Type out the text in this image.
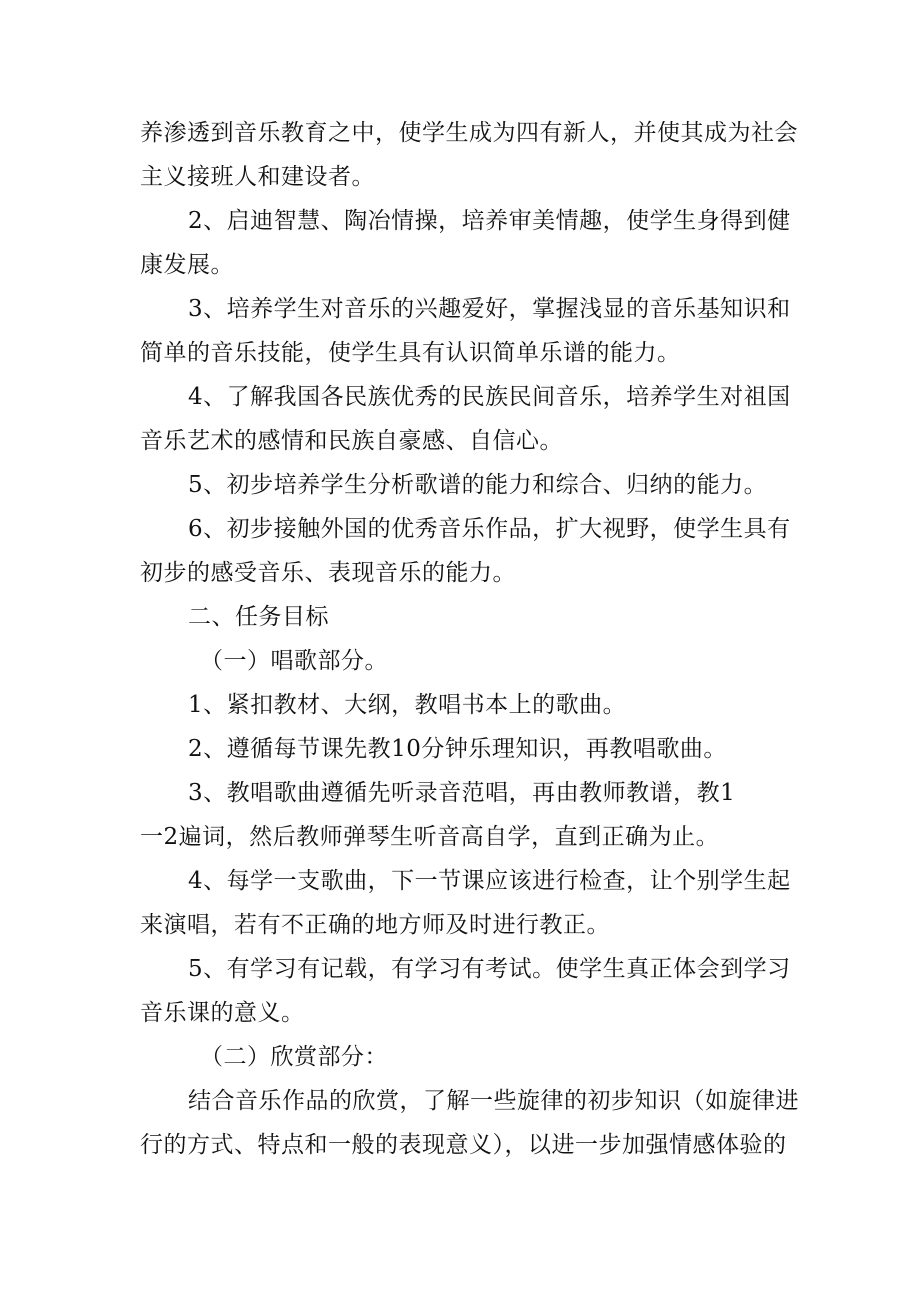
养渗透到音乐教育之中，使学生成为四有新人，并使其成为社会
主义接班人和建设者。
2、启迪智慧、陶冶情操，培养审美情趣，使学生身得到健
康发展。
3、培养学生对音乐的兴趣爱好，掌握浅显的音乐基知识和
简单的音乐技能，使学生具有认识简单乐谱的能力。
4、了解我国各民族优秀的民族民间音乐，培养学生对祖国
音乐艺术的感情和民族自豪感、自信心。
5、初步培养学生分析歌谱的能力和综合、归纳的能力。
6、初步接触外国的优秀音乐作品，扩大视野，使学生具有
初步的感受音乐、表现音乐的能力。
二、任务目标
（一）唱歌部分。
1、紧扣教材、大纲，教唱书本上的歌曲。
2、遵循每节课先教10分钟乐理知识，再教唱歌曲。
3、教唱歌曲遵循先听录音范唱，再由教师教谱，教1
一2遍词，然后教师弹琴生听音高自学，直到正确为止。
4、每学一支歌曲，下一节课应该进行检查，让个别学生起
来演唱，若有不正确的地方师及时进行教正。
5、有学习有记载，有学习有考试。使学生真正体会到学习
音乐课的意义。
（二）欣赏部分：
结合音乐作品的欣赏，了解一些旋律的初步知识（如旋律进
行的方式、特点和一般的表现意义），以进一步加强情感体验的
